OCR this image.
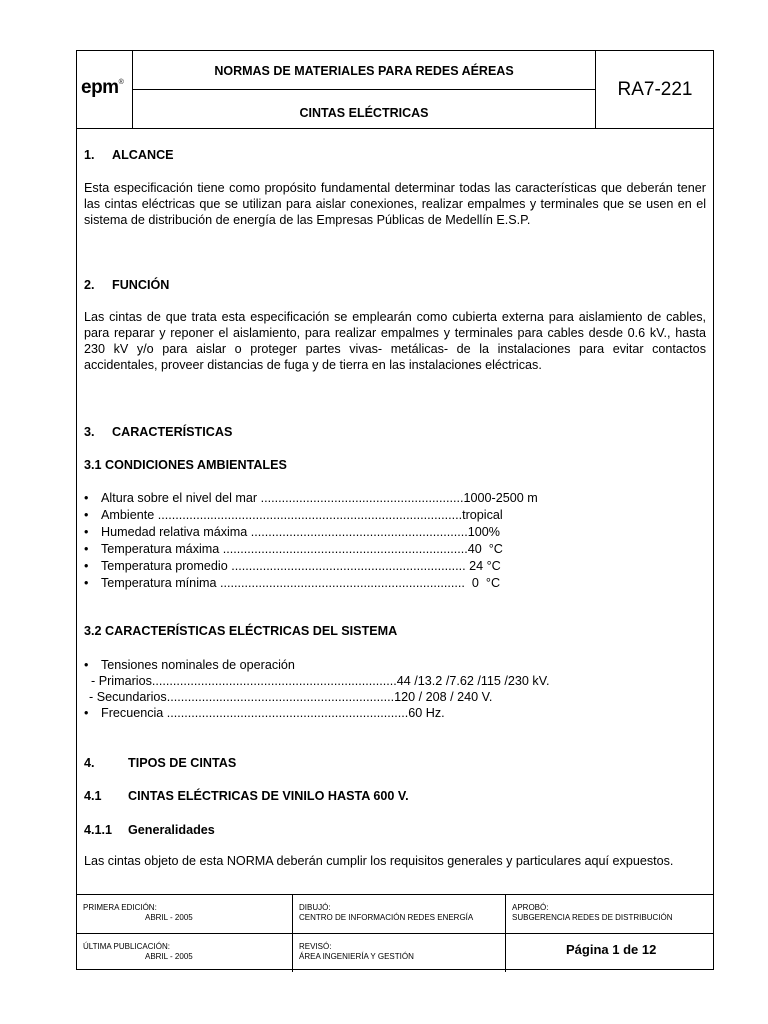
epm®
NORMAS DE MATERIALES PARA REDES AÉREAS
CINTAS ELÉCTRICAS
RA7-221
1. ALCANCE
Esta especificación tiene como propósito fundamental determinar todas las características que deberán tener las cintas eléctricas que se utilizan para aislar conexiones, realizar empalmes y terminales que se usen en el sistema de distribución de energía de las Empresas Públicas de Medellín E.S.P.
2. FUNCIÓN
Las cintas de que trata esta especificación se emplearán como cubierta externa para aislamiento de cables, para reparar y reponer el aislamiento, para realizar empalmes y terminales para cables desde 0.6 kV., hasta 230 kV y/o para aislar o proteger partes vivas- metálicas- de la instalaciones para evitar contactos accidentales, proveer distancias de fuga y de tierra en las instalaciones eléctricas.
3. CARACTERÍSTICAS
3.1 CONDICIONES AMBIENTALES
• Altura sobre el nivel del mar ..........................................................1000-2500 m
• Ambiente .......................................................................................tropical
• Humedad relativa máxima ..............................................................100%
• Temperatura máxima ......................................................................40  °C
• Temperatura promedio ................................................................... 24 °C
• Temperatura mínima ......................................................................  0  °C
3.2 CARACTERÍSTICAS ELÉCTRICAS DEL SISTEMA
• Tensiones nominales de operación
- Primarios......................................................................44 /13.2 /7.62 /115 /230 kV.
- Secundarios.................................................................120 / 208 / 240 V.
• Frecuencia .....................................................................60 Hz.
4.	TIPOS DE CINTAS
4.1 CINTAS ELÉCTRICAS DE VINILO HASTA 600 V.
4.1.1 Generalidades
Las cintas objeto de esta NORMA deberán cumplir los requisitos generales y particulares aquí expuestos.
PRIMERA EDICIÓN:
ABRIL - 2005
DIBUJÓ:
CENTRO DE INFORMACIÓN REDES ENERGÍA
APROBÓ:
SUBGERENCIA REDES DE DISTRIBUCIÓN
ÚLTIMA PUBLICACIÓN:
ABRIL - 2005
REVISÓ:
ÁREA INGENIERÍA Y GESTIÓN	Página 1 de 12
